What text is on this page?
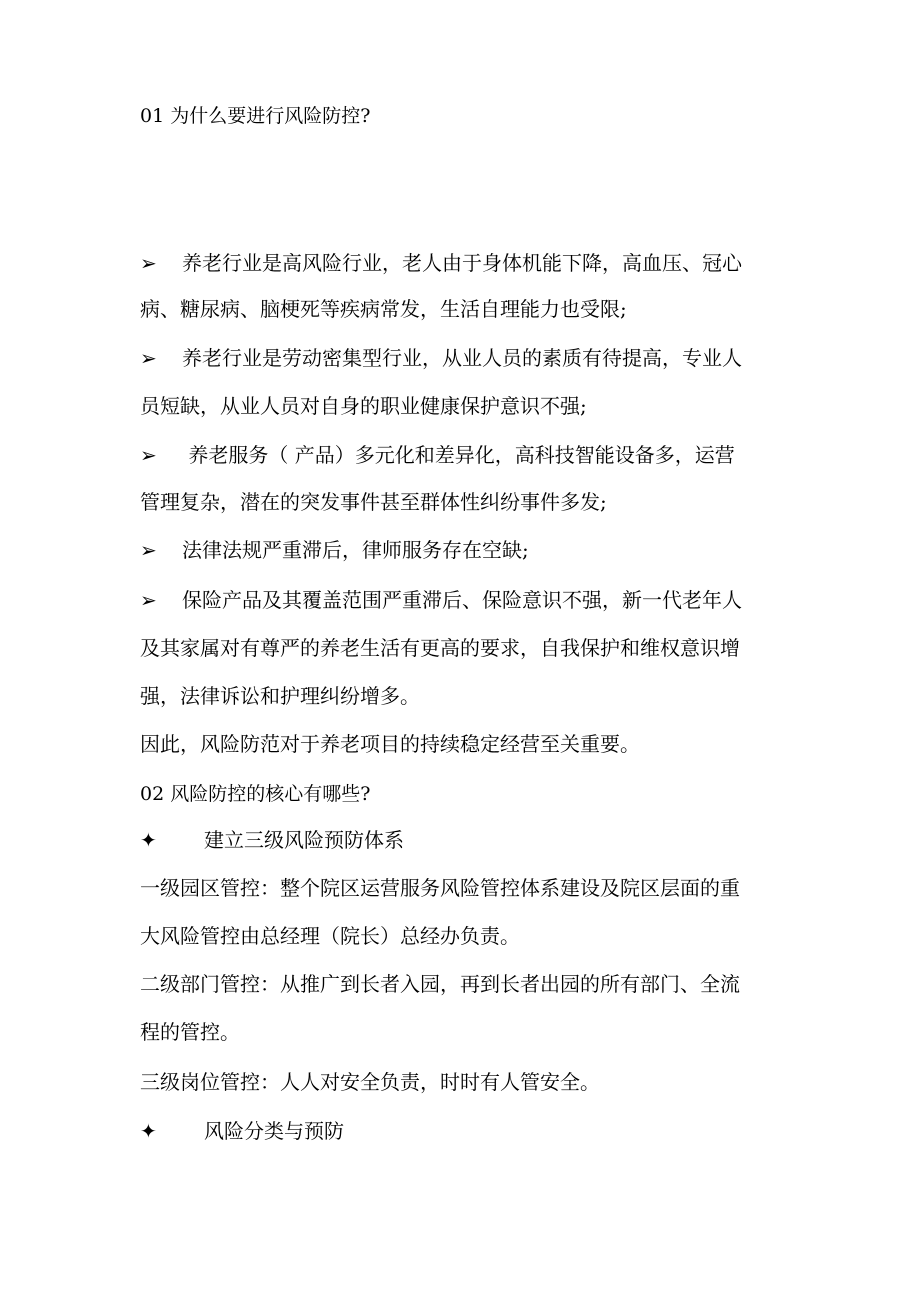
01 为什么要进行风险防控?
➢ 养老行业是高风险行业，老人由于身体机能下降，高血压、冠心
病、糖尿病、脑梗死等疾病常发，生活自理能力也受限;
➢ 养老行业是劳动密集型行业，从业人员的素质有待提高，专业人
员短缺，从业人员对自身的职业健康保护意识不强;
➢ 养老服务（ 产品）多元化和差异化，高科技智能设备多，运营
管理复杂，潜在的突发事件甚至群体性纠纷事件多发;
➢ 法律法规严重滞后，律师服务存在空缺;
➢ 保险产品及其覆盖范围严重滞后、保险意识不强，新一代老年人
及其家属对有尊严的养老生活有更高的要求，自我保护和维权意识增
强，法律诉讼和护理纠纷增多。
因此，风险防范对于养老项目的持续稳定经营至关重要。
02 风险防控的核心有哪些?
✦ 建立三级风险预防体系
一级园区管控：整个院区运营服务风险管控体系建设及院区层面的重
大风险管控由总经理（院长）总经办负责。
二级部门管控：从推广到长者入园，再到长者出园的所有部门、全流
程的管控。
三级岗位管控：人人对安全负责，时时有人管安全。
✦ 风险分类与预防
